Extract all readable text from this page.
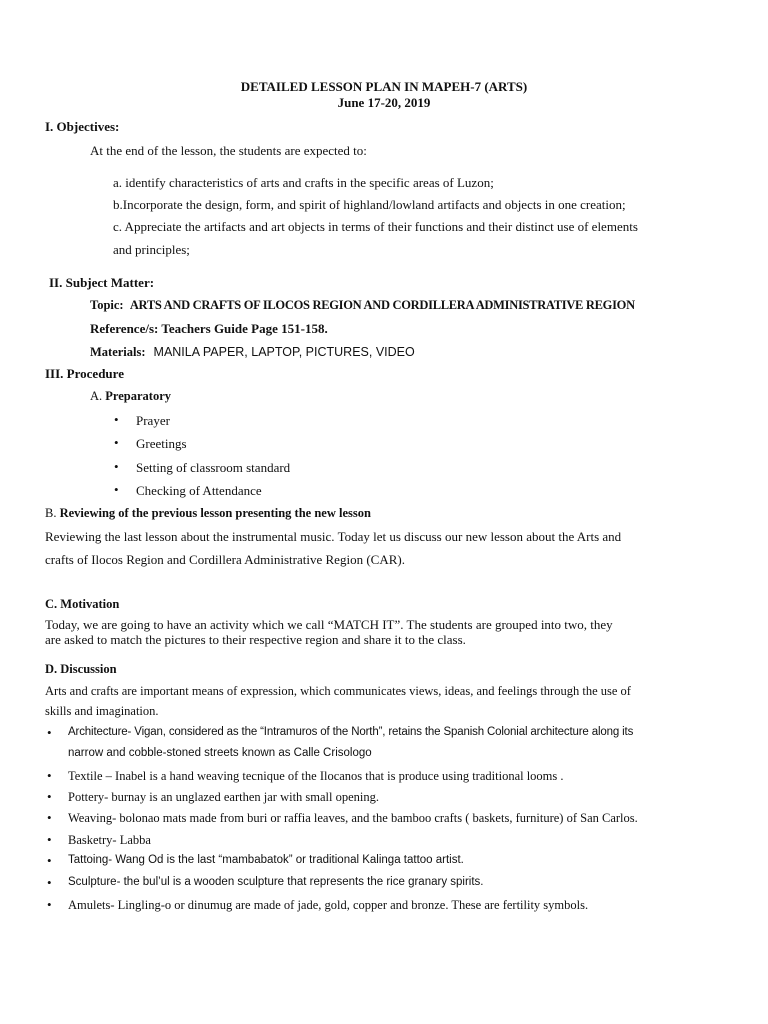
DETAILED LESSON PLAN IN MAPEH-7 (ARTS)
June 17-20, 2019
I. Objectives:
At the end of the lesson, the students are expected to:
a. identify characteristics of arts and crafts in the specific areas of Luzon;
b.Incorporate the design, form, and spirit of highland/lowland artifacts and objects in one creation;
c. Appreciate the artifacts and art objects in terms of their functions and their distinct use of elements
and principles;
II. Subject Matter:
Topic: ARTS AND CRAFTS OF ILOCOS REGION AND CORDILLERA ADMINISTRATIVE REGION
Reference/s: Teachers Guide Page 151-158.
Materials: MANILA PAPER, LAPTOP, PICTURES, VIDEO
III. Procedure
A. Preparatory
• Prayer
• Greetings
• Setting of classroom standard
• Checking of Attendance
B. Reviewing of the previous lesson presenting the new lesson
Reviewing the last lesson about the instrumental music. Today let us discuss our new lesson about the Arts and
crafts of Ilocos Region and Cordillera Administrative Region (CAR).
C. Motivation
Today, we are going to have an activity which we call “MATCH IT”. The students are grouped into two, they
are asked to match the pictures to their respective region and share it to the class.
D. Discussion
Arts and crafts are important means of expression, which communicates views, ideas, and feelings through the use of
skills and imagination.
• Architecture- Vigan, considered as the “Intramuros of the North”, retains the Spanish Colonial architecture along its
narrow and cobble-stoned streets known as Calle Crisologo
• Textile – Inabel is a hand weaving tecnique of the Ilocanos that is produce using traditional looms .
• Pottery- burnay is an unglazed earthen jar with small opening.
• Weaving- bolonao mats made from buri or raffia leaves, and the bamboo crafts ( baskets, furniture) of San Carlos.
• Basketry- Labba
• Tattoing- Wang Od is the last “mambabatok” or traditional Kalinga tattoo artist.
• Sculpture- the bul’ul is a wooden sculpture that represents the rice granary spirits.
• Amulets- Lingling-o or dinumug are made of jade, gold, copper and bronze. These are fertility symbols.
